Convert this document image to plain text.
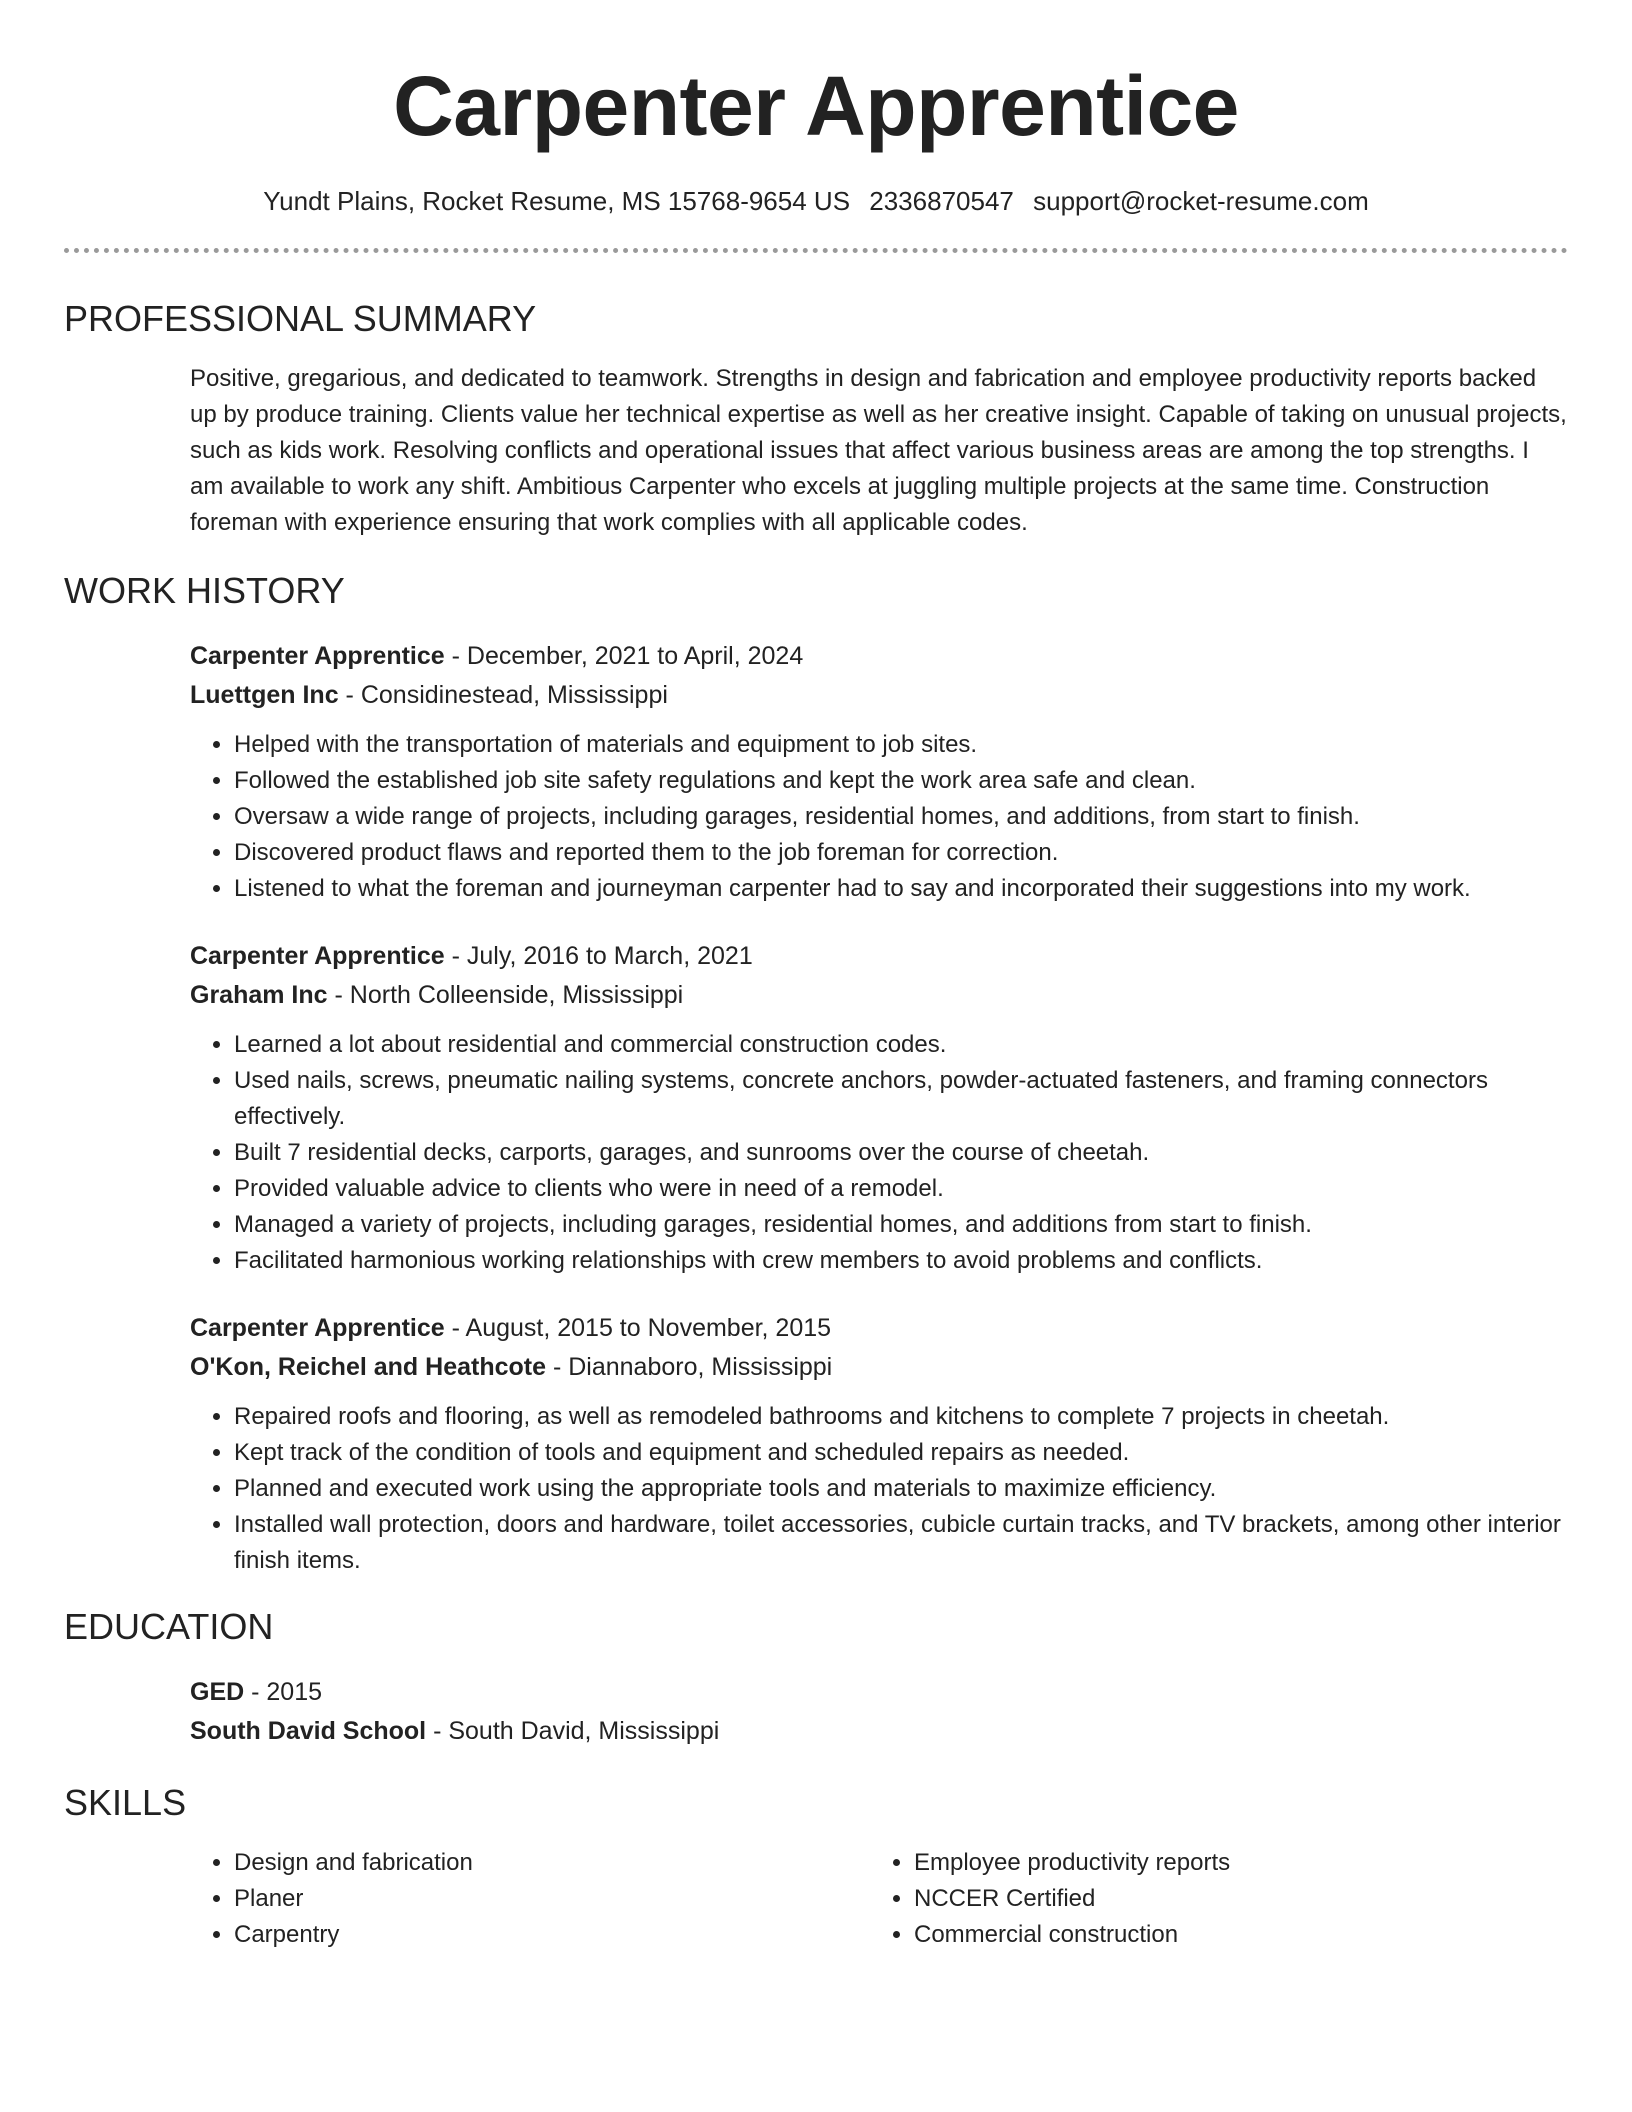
Carpenter Apprentice
Yundt Plains, Rocket Resume, MS 15768-9654 US 2336870547 support@rocket-resume.com
PROFESSIONAL SUMMARY
Positive, gregarious, and dedicated to teamwork. Strengths in design and fabrication and employee productivity reports backed up by produce training. Clients value her technical expertise as well as her creative insight. Capable of taking on unusual projects, such as kids work. Resolving conflicts and operational issues that affect various business areas are among the top strengths. I am available to work any shift. Ambitious Carpenter who excels at juggling multiple projects at the same time. Construction foreman with experience ensuring that work complies with all applicable codes.
WORK HISTORY
Carpenter Apprentice - December, 2021 to April, 2024
Luettgen Inc - Considinestead, Mississippi
• Helped with the transportation of materials and equipment to job sites.
• Followed the established job site safety regulations and kept the work area safe and clean.
• Oversaw a wide range of projects, including garages, residential homes, and additions, from start to finish.
• Discovered product flaws and reported them to the job foreman for correction.
• Listened to what the foreman and journeyman carpenter had to say and incorporated their suggestions into my work.
Carpenter Apprentice - July, 2016 to March, 2021
Graham Inc - North Colleenside, Mississippi
• Learned a lot about residential and commercial construction codes.
• Used nails, screws, pneumatic nailing systems, concrete anchors, powder-actuated fasteners, and framing connectors effectively.
• Built 7 residential decks, carports, garages, and sunrooms over the course of cheetah.
• Provided valuable advice to clients who were in need of a remodel.
• Managed a variety of projects, including garages, residential homes, and additions from start to finish.
• Facilitated harmonious working relationships with crew members to avoid problems and conflicts.
Carpenter Apprentice - August, 2015 to November, 2015
O'Kon, Reichel and Heathcote - Diannaboro, Mississippi
• Repaired roofs and flooring, as well as remodeled bathrooms and kitchens to complete 7 projects in cheetah.
• Kept track of the condition of tools and equipment and scheduled repairs as needed.
• Planned and executed work using the appropriate tools and materials to maximize efficiency.
• Installed wall protection, doors and hardware, toilet accessories, cubicle curtain tracks, and TV brackets, among other interior finish items.
EDUCATION
GED - 2015
South David School - South David, Mississippi
SKILLS
• Design and fabrication
• Planer
• Carpentry
• Employee productivity reports
• NCCER Certified
• Commercial construction
